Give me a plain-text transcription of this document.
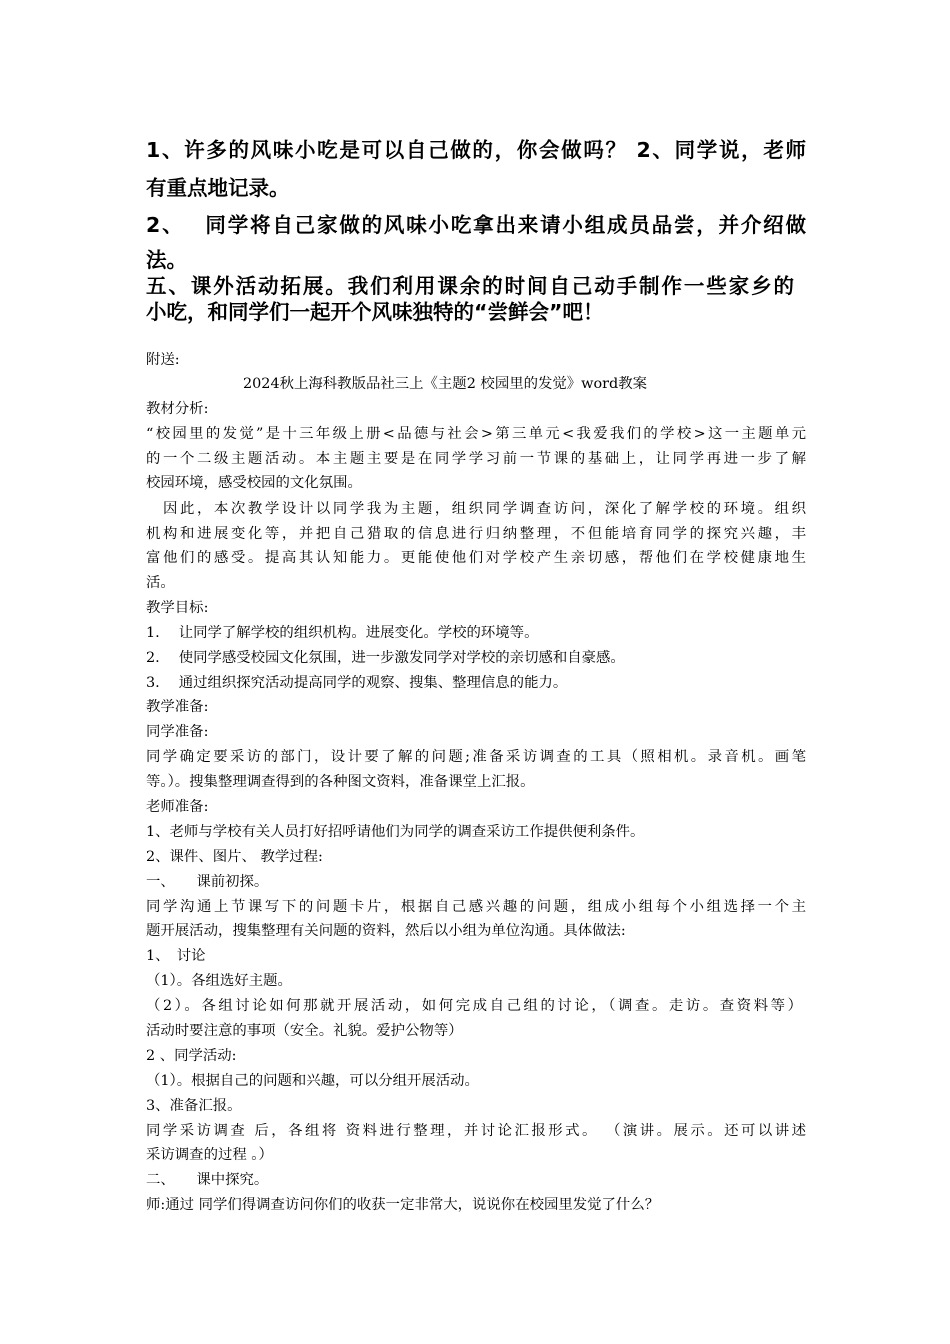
1、许多的风味小吃是可以自己做的，你会做吗？ 2、同学说，老师
有重点地记录。
2、　 同学将自己家做的风味小吃拿出来请小组成员品尝，并介绍做
法。
五、课外活动拓展。我们利用课余的时间自己动手制作一些家乡的
小吃，和同学们一起开个风味独特的“尝鲜会”吧！
附送:
2024秋上海科教版品社三上《主题2 校园里的发觉》word教案
教材分析:
“校园里的发觉”是十三年级上册<品德与社会>第三单元<我爱我们的学校>这一主题单元
的一个二级主题活动。本主题主要是在同学学习前一节课的基础上，让同学再进一步了解
校园环境，感受校园的文化氛围。
　因此，本次教学设计以同学我为主题，组织同学调查访问，深化了解学校的环境。组织
机构和进展变化等，并把自己猎取的信息进行归纳整理，不但能培育同学的探究兴趣，丰
富他们的感受。提高其认知能力。更能使他们对学校产生亲切感，帮他们在学校健康地生
活。
教学目标:
1.　 让同学了解学校的组织机构。进展变化。学校的环境等。
2.　 使同学感受校园文化氛围，进一步激发同学对学校的亲切感和自豪感。
3.　 通过组织探究活动提高同学的观察、搜集、整理信息的能力。
教学准备:
同学准备:
同学确定要采访的部门，设计要了解的问题;准备采访调查的工具（照相机。录音机。画笔
等。）。搜集整理调查得到的各种图文资料，准备课堂上汇报。
老师准备:
1、老师与学校有关人员打好招呼请他们为同学的调查采访工作提供便利条件。
2、课件、图片、 教学过程:
一、　　课前初探。
同学沟通上节课写下的问题卡片，根据自己感兴趣的问题，组成小组每个小组选择一个主
题开展活动，搜集整理有关问题的资料，然后以小组为单位沟通。具体做法:
1、　讨论
（1）。各组选好主题。
（2）。各组讨论如何那就开展活动，如何完成自己组的讨论，（调查。走访。查资料等）
活动时要注意的事项（安全。礼貌。爱护公物等）
2 、同学活动:
（1）。根据自己的问题和兴趣，可以分组开展活动。
3、准备汇报。
同学采访调查 后，各组将 资料进行整理，并讨论汇报形式。 （演讲。展示。还可以讲述
采访调查的过程 。）
二、　　课中探究。
师:通过 同学们得调查访问你们的收获一定非常大，说说你在校园里发觉了什么？
